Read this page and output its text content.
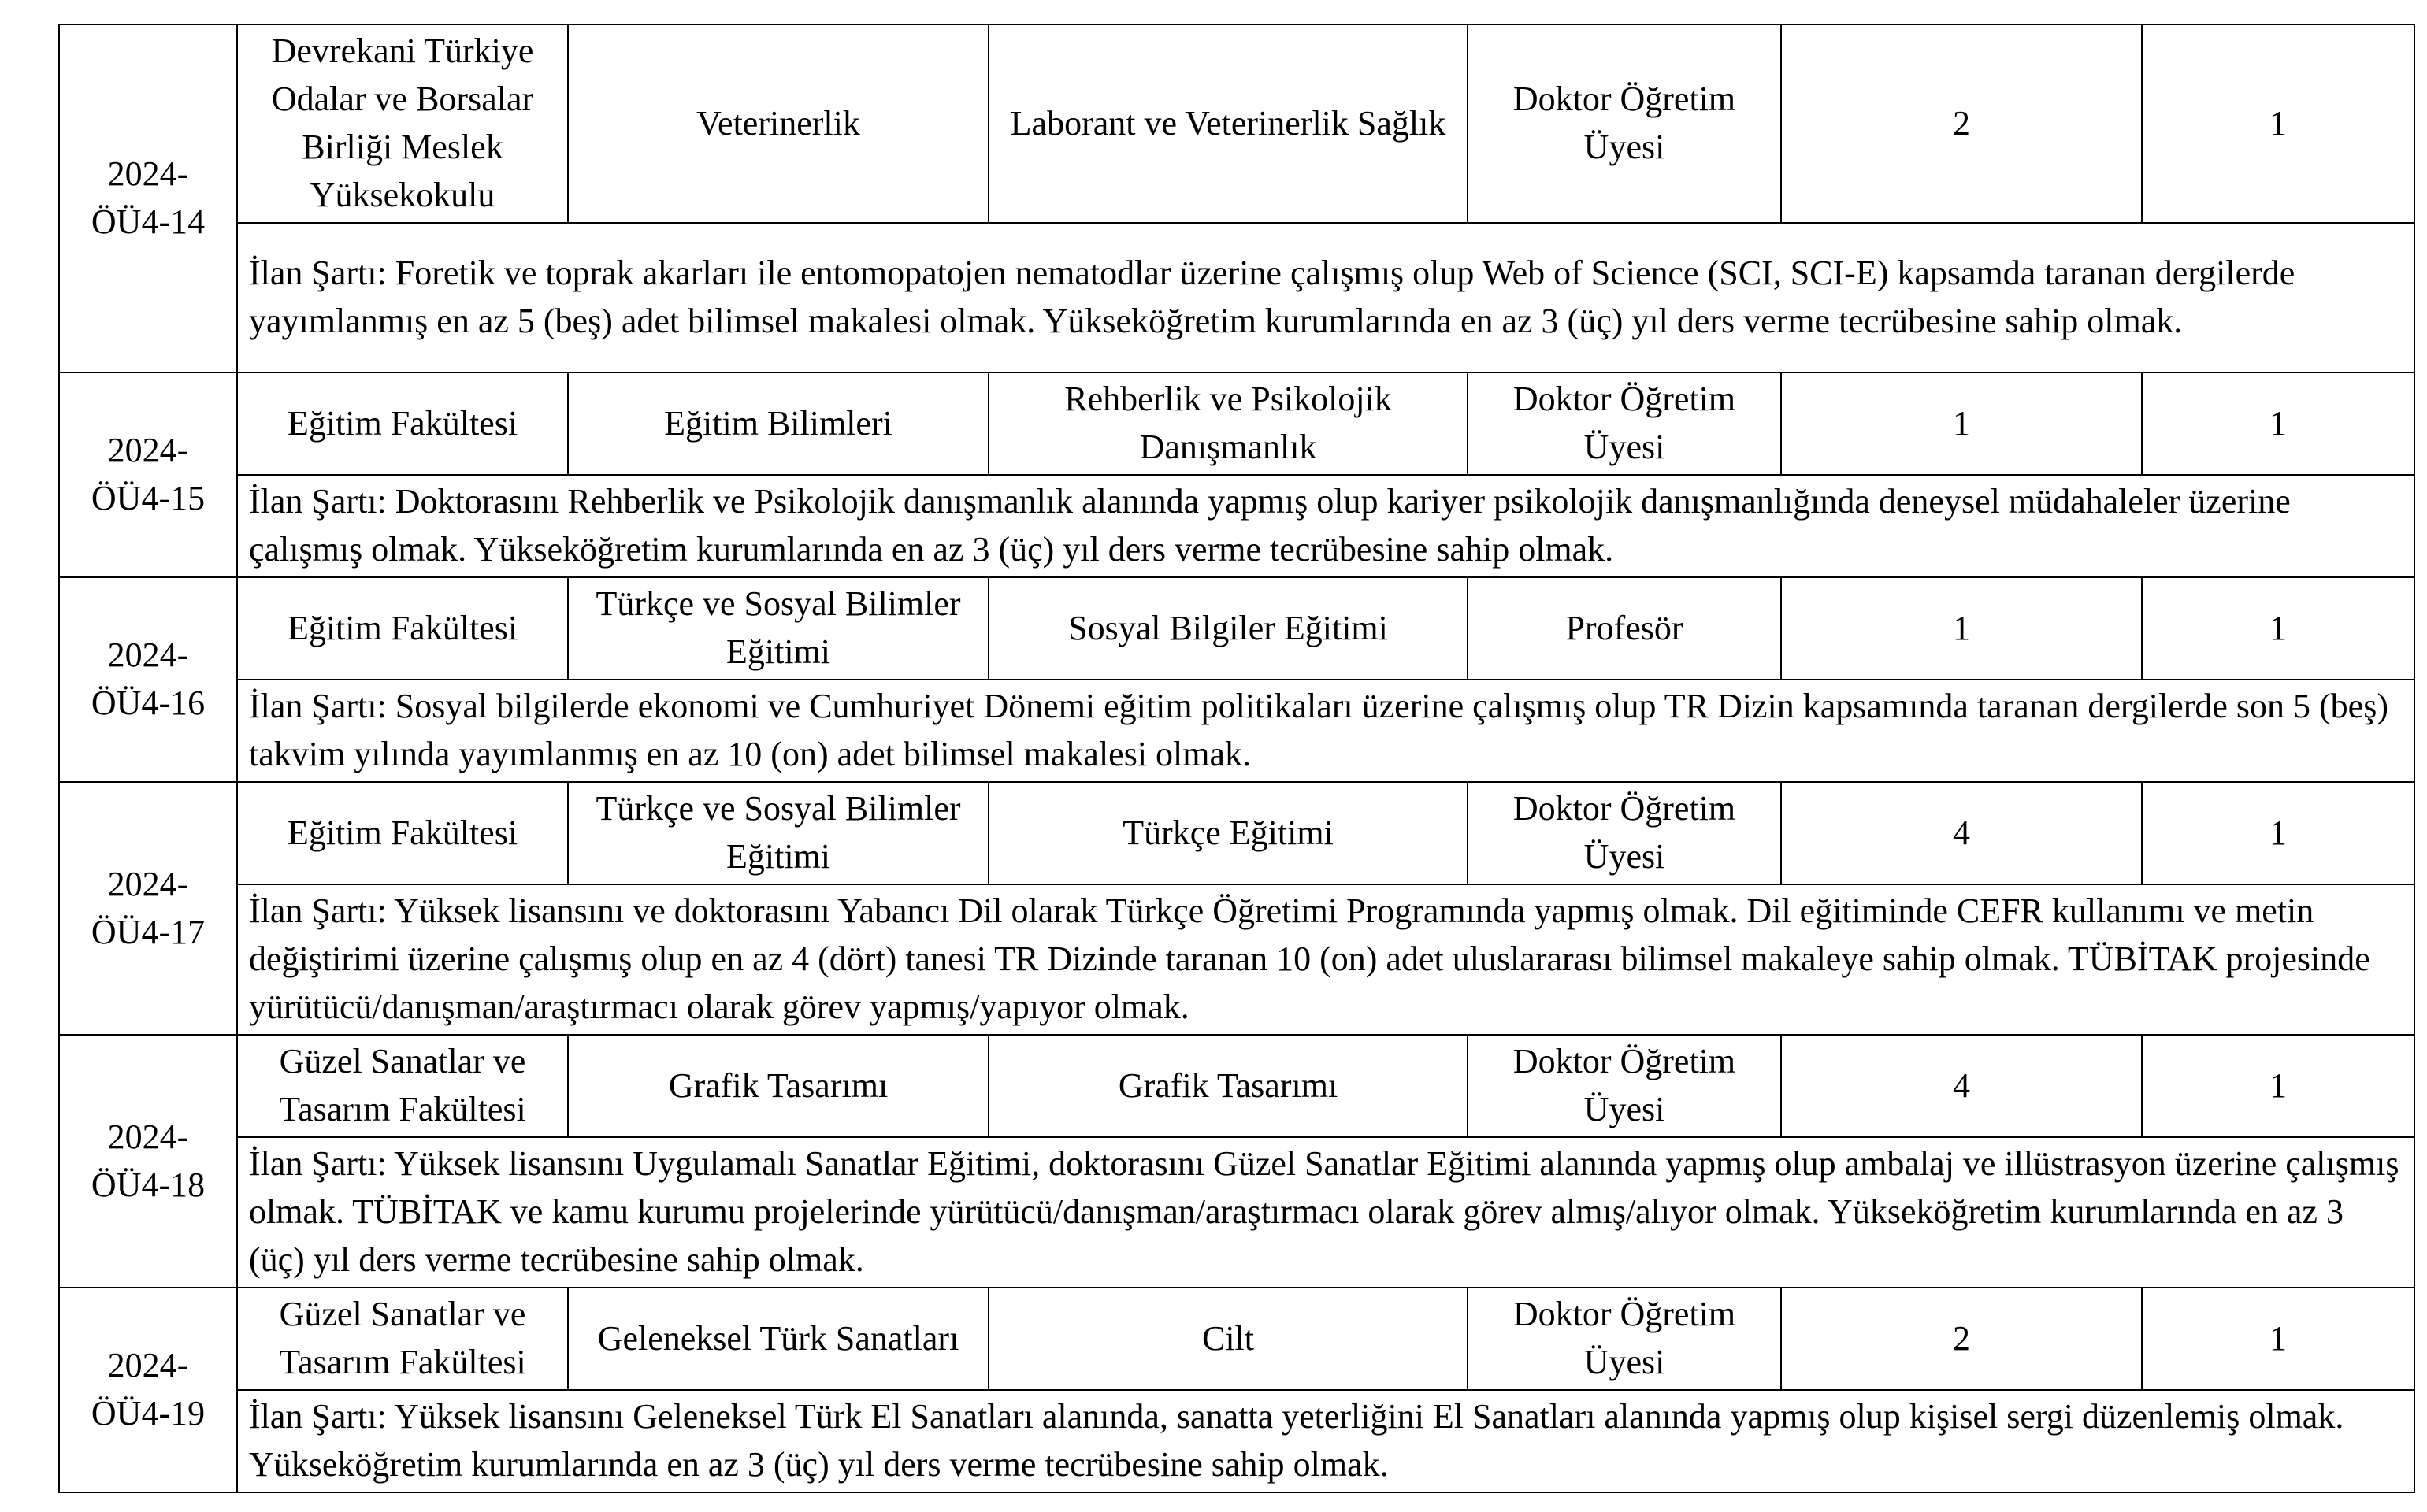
2024-ÖÜ4-14	Devrekani Türkiye Odalar ve Borsalar Birliği Meslek Yüksekokulu	Veterinerlik	Laborant ve Veterinerlik Sağlık	Doktor Öğretim Üyesi	2	1
	İlan Şartı: Foretik ve toprak akarları ile entomopatojen nematodlar üzerine çalışmış olup Web of Science (SCI, SCI-E) kapsamda taranan dergilerde yayımlanmış en az 5 (beş) adet bilimsel makalesi olmak. Yükseköğretim kurumlarında en az 3 (üç) yıl ders verme tecrübesine sahip olmak.					
2024-ÖÜ4-15	Eğitim Fakültesi	Eğitim Bilimleri	Rehberlik ve Psikolojik Danışmanlık	Doktor Öğretim Üyesi	1	1
	İlan Şartı: Doktorasını Rehberlik ve Psikolojik danışmanlık alanında yapmış olup kariyer psikolojik danışmanlığında deneysel müdahaleler üzerine çalışmış olmak. Yükseköğretim kurumlarında en az 3 (üç) yıl ders verme tecrübesine sahip olmak.					
2024-ÖÜ4-16	Eğitim Fakültesi	Türkçe ve Sosyal Bilimler Eğitimi	Sosyal Bilgiler Eğitimi	Profesör	1	1
	İlan Şartı: Sosyal bilgilerde ekonomi ve Cumhuriyet Dönemi eğitim politikaları üzerine çalışmış olup TR Dizin kapsamında taranan dergilerde son 5 (beş) takvim yılında yayımlanmış en az 10 (on) adet bilimsel makalesi olmak.					
2024-ÖÜ4-17	Eğitim Fakültesi	Türkçe ve Sosyal Bilimler Eğitimi	Türkçe Eğitimi	Doktor Öğretim Üyesi	4	1
	İlan Şartı: Yüksek lisansını ve doktorasını Yabancı Dil olarak Türkçe Öğretimi Programında yapmış olmak. Dil eğitiminde CEFR kullanımı ve metin değiştirimi üzerine çalışmış olup en az 4 (dört) tanesi TR Dizinde taranan 10 (on) adet uluslararası bilimsel makaleye sahip olmak. TÜBİTAK projesinde yürütücü/danışman/araştırmacı olarak görev yapmış/yapıyor olmak.					
2024-ÖÜ4-18	Güzel Sanatlar ve Tasarım Fakültesi	Grafik Tasarımı	Grafik Tasarımı	Doktor Öğretim Üyesi	4	1
	İlan Şartı: Yüksek lisansını Uygulamalı Sanatlar Eğitimi, doktorasını Güzel Sanatlar Eğitimi alanında yapmış olup ambalaj ve illüstrasyon üzerine çalışmış olmak. TÜBİTAK ve kamu kurumu projelerinde yürütücü/danışman/araştırmacı olarak görev almış/alıyor olmak. Yükseköğretim kurumlarında en az 3 (üç) yıl ders verme tecrübesine sahip olmak.					
2024-ÖÜ4-19	Güzel Sanatlar ve Tasarım Fakültesi	Geleneksel Türk Sanatları	Cilt	Doktor Öğretim Üyesi	2	1
	İlan Şartı: Yüksek lisansını Geleneksel Türk El Sanatları alanında, sanatta yeterliğini El Sanatları alanında yapmış olup kişisel sergi düzenlemiş olmak. Yükseköğretim kurumlarında en az 3 (üç) yıl ders verme tecrübesine sahip olmak.					
